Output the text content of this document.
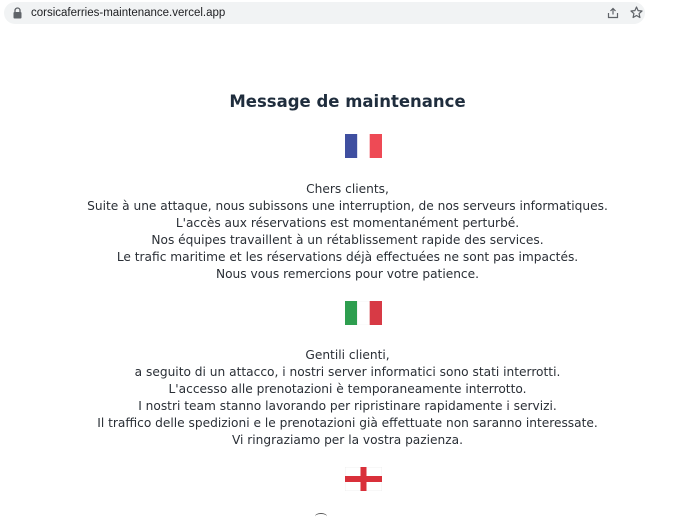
corsicaferries-maintenance.vercel.app
Message de maintenance
Chers clients,
Suite à une attaque, nous subissons une interruption, de nos serveurs informatiques.
L'accès aux réservations est momentanément perturbé.
Nos équipes travaillent à un rétablissement rapide des services.
Le trafic maritime et les réservations déjà effectuées ne sont pas impactés.
Nous vous remercions pour votre patience.
Gentili clienti,
a seguito di un attacco, i nostri server informatici sono stati interrotti.
L'accesso alle prenotazioni è temporaneamente interrotto.
I nostri team stanno lavorando per ripristinare rapidamente i servizi.
Il traffico delle spedizioni e le prenotazioni già effettuate non saranno interessate.
Vi ringraziamo per la vostra pazienza.
